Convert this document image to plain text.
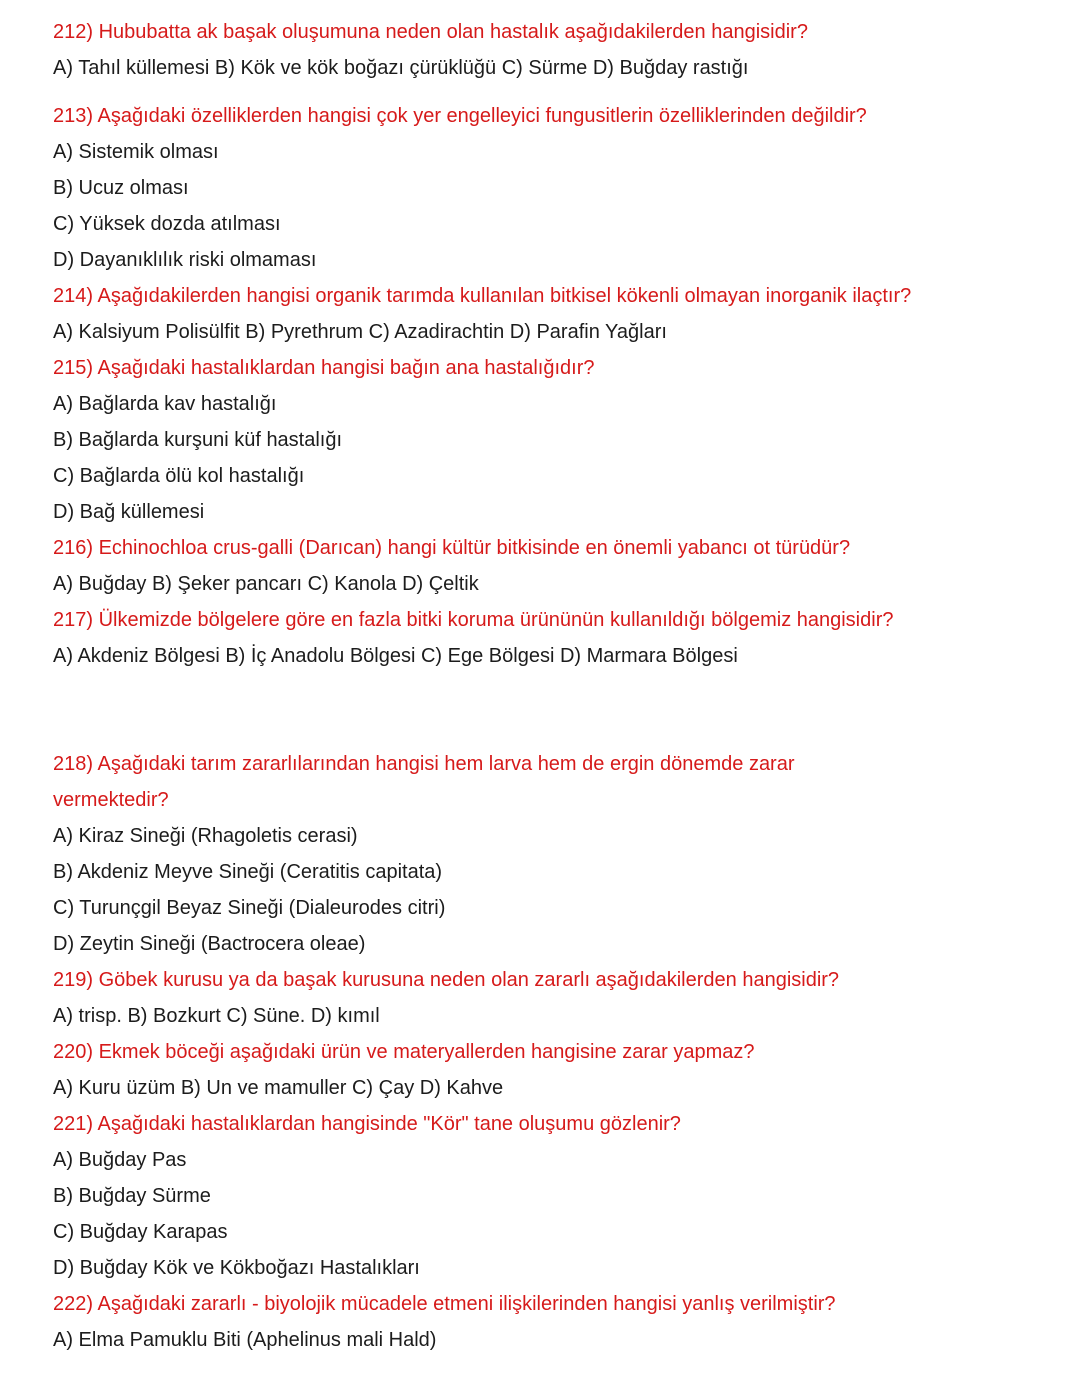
212) Hububatta ak başak oluşumuna neden olan hastalık aşağıdakilerden hangisidir?
A) Tahıl küllemesi B) Kök ve kök boğazı çürüklüğü C) Sürme D) Buğday rastığı
213) Aşağıdaki özelliklerden hangisi çok yer engelleyici fungusitlerin özelliklerinden değildir?
A) Sistemik olması
B) Ucuz olması
C) Yüksek dozda atılması
D) Dayanıklılık riski olmaması
214) Aşağıdakilerden hangisi organik tarımda kullanılan bitkisel kökenli olmayan inorganik ilaçtır?
A) Kalsiyum Polisülfit B) Pyrethrum C) Azadirachtin D) Parafin Yağları
215) Aşağıdaki hastalıklardan hangisi bağın ana hastalığıdır?
A) Bağlarda kav hastalığı
B) Bağlarda kurşuni küf hastalığı
C) Bağlarda ölü kol hastalığı
D) Bağ küllemesi
216) Echinochloa crus-galli (Darıcan) hangi kültür bitkisinde en önemli yabancı ot türüdür?
A) Buğday B) Şeker pancarı C) Kanola D) Çeltik
217) Ülkemizde bölgelere göre en fazla bitki koruma ürününün kullanıldığı bölgemiz hangisidir?
A) Akdeniz Bölgesi B) İç Anadolu Bölgesi C) Ege Bölgesi D) Marmara Bölgesi
218) Aşağıdaki tarım zararlılarından hangisi hem larva hem de ergin dönemde zarar
vermektedir?
A) Kiraz Sineği (Rhagoletis cerasi)
B) Akdeniz Meyve Sineği (Ceratitis capitata)
C) Turunçgil Beyaz Sineği (Dialeurodes citri)
D) Zeytin Sineği (Bactrocera oleae)
219) Göbek kurusu ya da başak kurusuna neden olan zararlı aşağıdakilerden hangisidir?
A) trisp. B) Bozkurt C) Süne. D) kımıl
220) Ekmek böceği aşağıdaki ürün ve materyallerden hangisine zarar yapmaz?
A) Kuru üzüm B) Un ve mamuller C) Çay D) Kahve
221) Aşağıdaki hastalıklardan hangisinde "Kör" tane oluşumu gözlenir?
A) Buğday Pas
B) Buğday Sürme
C) Buğday Karapas
D) Buğday Kök ve Kökboğazı Hastalıkları
222) Aşağıdaki zararlı - biyolojik mücadele etmeni ilişkilerinden hangisi yanlış verilmiştir?
A) Elma Pamuklu Biti (Aphelinus mali Hald)
